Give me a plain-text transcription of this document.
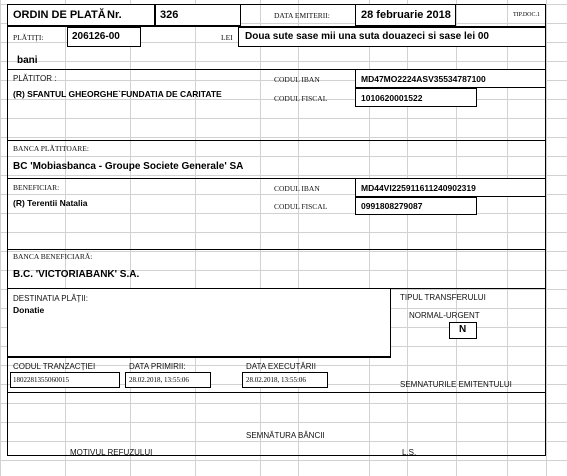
ORDIN DE PLATĂ Nr.	326	DATA EMITERII:	28 februarie 2018	TIP.DOC.1
PLĂTIȚI:	206126-00	LEI Doua sute sase mii una suta douazeci si sase lei 00
bani
PLĂTITOR :
(R) SFANTUL GHEORGHE`FUNDATIA DE CARITATE
CODUL IBAN	MD47MO2224ASV35534787100
CODUL FISCAL	1010620001522
BANCA PLĂTITOARE:
BC 'Mobiasbanca - Groupe Societe Generale' SA
BENEFICIAR:
(R) Terentii Natalia
CODUL IBAN	MD44VI225911611240902319
CODUL FISCAL	0991808279087
BANCA BENEFICIARĂ:
B.C. 'VICTORIABANK' S.A.
DESTINATIA PLĂȚII:
Donatie
TIPUL TRANSFERULUI
NORMAL-URGENT
N
CODUL TRANZACȚIEI
1802281355060015
DATA PRIMIRII:
28.02.2018, 13:55:06
DATA EXECUTĂRII
28.02.2018, 13:55:06	SEMNATURILE EMITENTULUI
SEMNĂTURA BĂNCII
MOTIVUL REFUZULUI	L.S.
